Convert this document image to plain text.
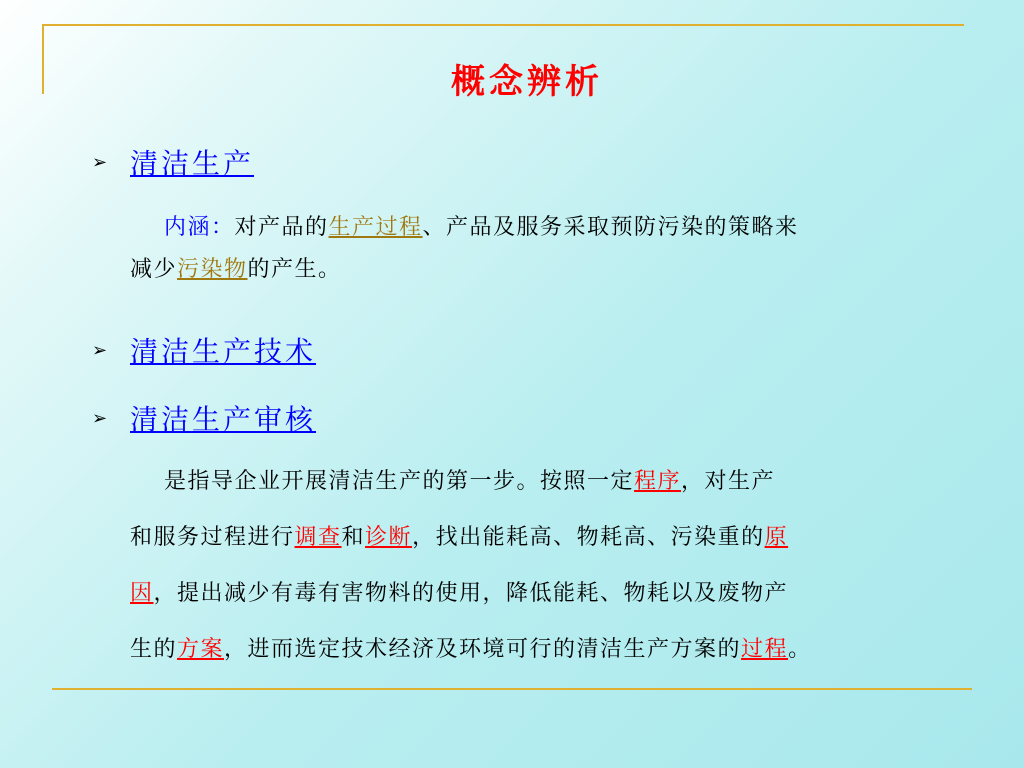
概念辨析
➢ 清洁生产
内涵：对产品的生产过程、产品及服务采取预防污染的策略来
减少污染物的产生。
➢ 清洁生产技术
➢ 清洁生产审核
是指导企业开展清洁生产的第一步。按照一定程序，对生产
和服务过程进行调查和诊断，找出能耗高、物耗高、污染重的原
因，提出减少有毒有害物料的使用，降低能耗、物耗以及废物产
生的方案，进而选定技术经济及环境可行的清洁生产方案的过程。
